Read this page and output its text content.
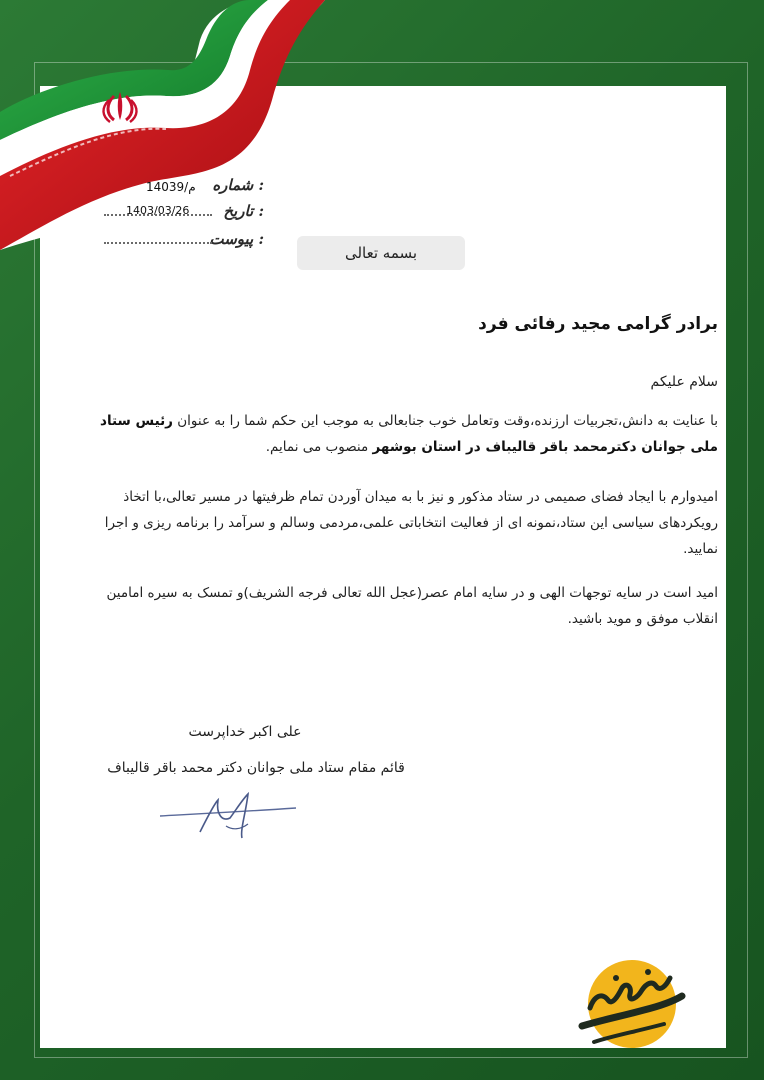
شماره :
14039/م
تاریخ :
1403/03/26
پیوست :
بسمه تعالی
برادر گرامی مجید رفائی فرد
سلام علیکم
با عنایت به دانش،تجربیات ارزنده،وقت وتعامل خوب جنابعالی به موجب این حکم شما را به عنوان رئیس ستاد ملی جوانان دکترمحمد باقر قالیباف در استان بوشهر منصوب می نمایم.
امیدوارم با ایجاد فضای صمیمی در ستاد مذکور و نیز با به میدان آوردن تمام ظرفیتها در مسیر تعالی،با اتخاذ رویکردهای سیاسی این ستاد،نمونه ای از فعالیت انتخاباتی علمی،مردمی وسالم و سرآمد را برنامه ریزی و اجرا نمایید.
امید است در سایه توجهات الهی و در سایه امام عصر(عجل الله تعالی فرجه الشریف)و تمسک به سیره امامین انقلاب موفق و موید باشید.
علی اکبر خداپرست
قائم مقام ستاد ملی جوانان دکتر محمد باقر قالیباف
